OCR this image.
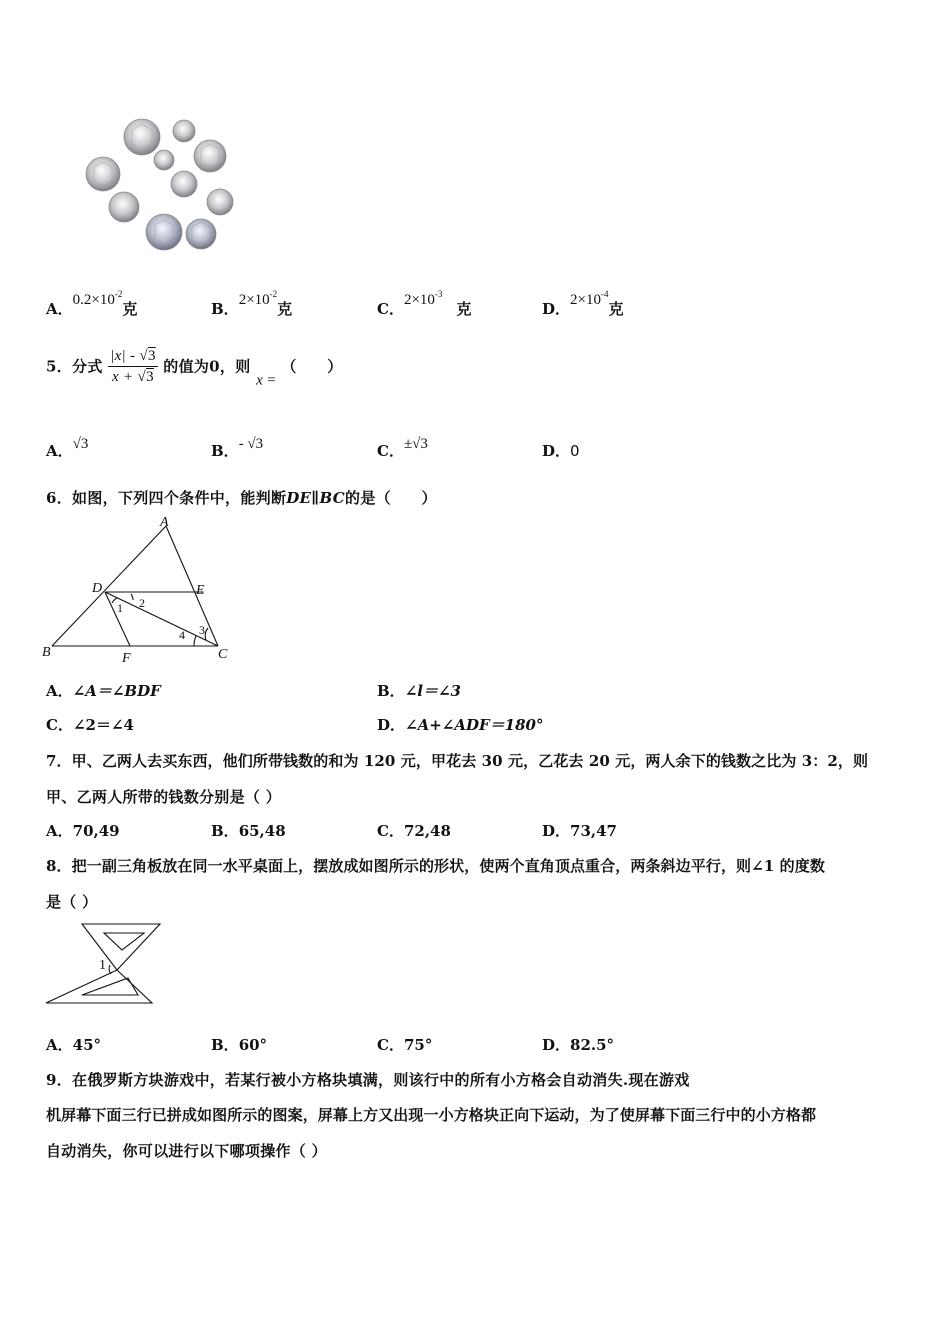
A．$0.2\times 10^{-2}$克	B．$2\times 10^{-2}$克	C．$2\times 10^{-3}$克	D．$2\times 10^{-4}$克
5．分式 $\frac{|x| - √3}{x + √3}$ 的值为0，则 x = （　　）
A．√3	B．- √3	C．±√3	D．0
6．如图，下列四个条件中，能判断DE∥BC的是（　　）
A
D	E
B	F	C
1 2
3
4
A．∠A＝∠BDF	B．∠l＝∠3
C．∠2＝∠4	D．∠A+∠ADF＝180°
7．甲、乙两人去买东西，他们所带钱数的和为 120 元，甲花去 30 元，乙花去 20 元，两人余下的钱数之比为 3：2，则
甲、乙两人所带的钱数分别是（ ）
A．70,49	B．65,48	C．72,48	D．73,47
8．把一副三角板放在同一水平桌面上，摆放成如图所示的形状，使两个直角顶点重合，两条斜边平行，则∠1 的度数
是（ ）
1
A．45°	B．60°	C．75°	D．82.5°
9．在俄罗斯方块游戏中，若某行被小方格块填满，则该行中的所有小方格会自动消失.现在游戏
机屏幕下面三行已拼成如图所示的图案，屏幕上方又出现一小方格块正向下运动，为了使屏幕下面三行中的小方格都
自动消失，你可以进行以下哪项操作（ ）
